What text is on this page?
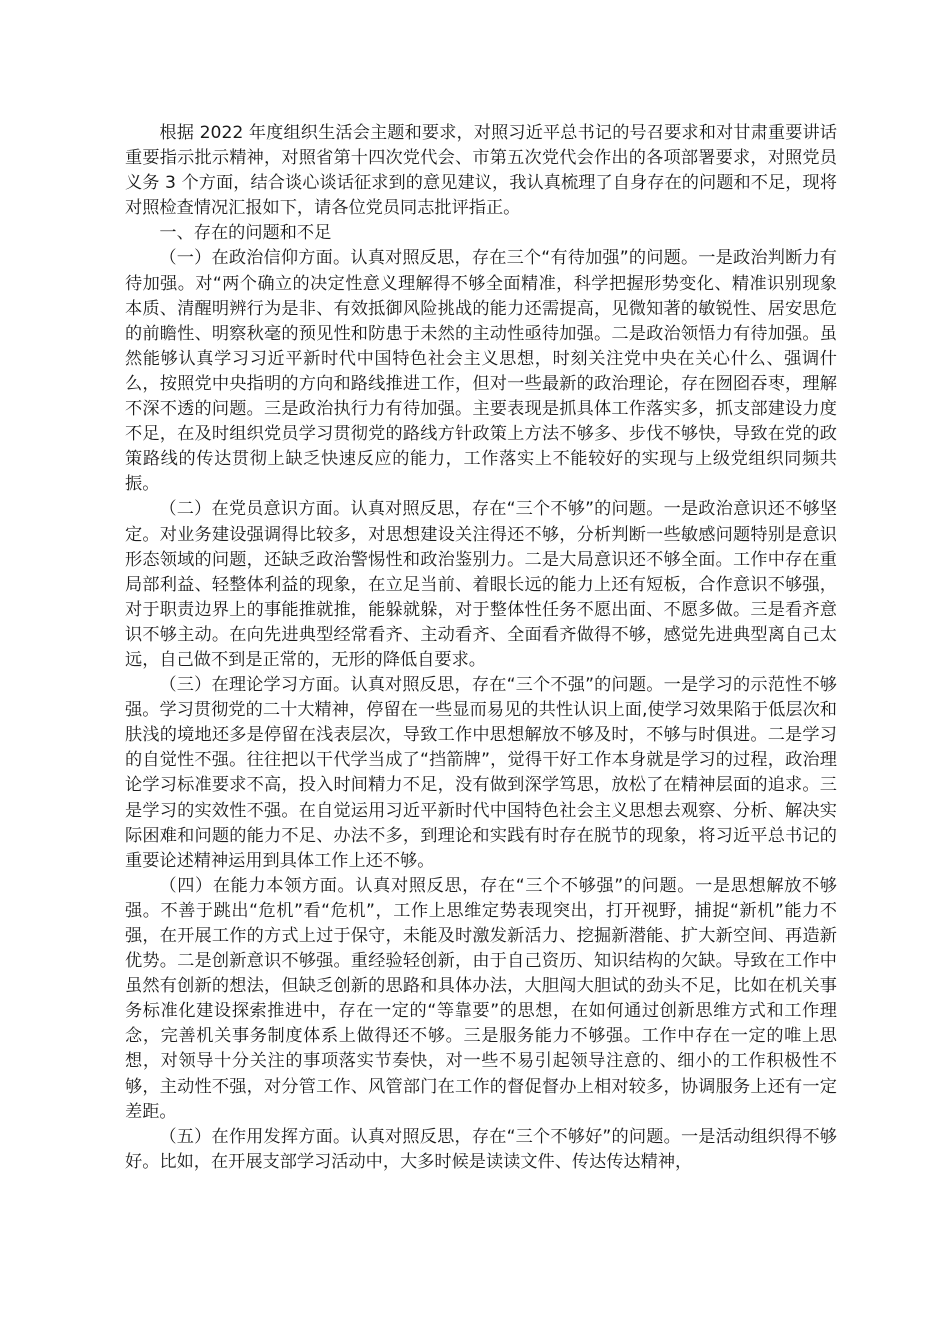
根据 2022 年度组织生活会主题和要求，对照习近平总书记的号召要求和对甘肃重要讲话重要指示批示精神，对照省第十四次党代会、市第五次党代会作出的各项部署要求，对照党员义务 3 个方面，结合谈心谈话征求到的意见建议，我认真梳理了自身存在的问题和不足，现将对照检查情况汇报如下，请各位党员同志批评指正。

一、存在的问题和不足

（一）在政治信仰方面。认真对照反思，存在三个“有待加强”的问题。一是政治判断力有待加强。对“两个确立的决定性意义理解得不够全面精准，科学把握形势变化、精准识别现象本质、清醒明辨行为是非、有效抵御风险挑战的能力还需提高，见微知著的敏锐性、居安思危的前瞻性、明察秋毫的预见性和防患于未然的主动性亟待加强。二是政治领悟力有待加强。虽然能够认真学习习近平新时代中国特色社会主义思想，时刻关注党中央在关心什么、强调什么，按照党中央指明的方向和路线推进工作，但对一些最新的政治理论，存在囫囵吞枣，理解不深不透的问题。三是政治执行力有待加强。主要表现是抓具体工作落实多，抓支部建设力度不足，在及时组织党员学习贯彻党的路线方针政策上方法不够多、步伐不够快，导致在党的政策路线的传达贯彻上缺乏快速反应的能力，工作落实上不能较好的实现与上级党组织同频共振。

（二）在党员意识方面。认真对照反思，存在“三个不够”的问题。一是政治意识还不够坚定。对业务建设强调得比较多，对思想建设关注得还不够，分析判断一些敏感问题特别是意识形态领域的问题，还缺乏政治警惕性和政治鉴别力。二是大局意识还不够全面。工作中存在重局部利益、轻整体利益的现象，在立足当前、着眼长远的能力上还有短板，合作意识不够强，对于职责边界上的事能推就推，能躲就躲，对于整体性任务不愿出面、不愿多做。三是看齐意识不够主动。在向先进典型经常看齐、主动看齐、全面看齐做得不够，感觉先进典型离自己太远，自己做不到是正常的，无形的降低自要求。

（三）在理论学习方面。认真对照反思，存在“三个不强”的问题。一是学习的示范性不够强。学习贯彻党的二十大精神，停留在一些显而易见的共性认识上面,使学习效果陷于低层次和肤浅的境地还多是停留在浅表层次，导致工作中思想解放不够及时，不够与时俱进。二是学习的自觉性不强。往往把以干代学当成了“挡箭牌”，觉得干好工作本身就是学习的过程，政治理论学习标准要求不高，投入时间精力不足，没有做到深学笃思，放松了在精神层面的追求。三是学习的实效性不强。在自觉运用习近平新时代中国特色社会主义思想去观察、分析、解决实际困难和问题的能力不足、办法不多，到理论和实践有时存在脱节的现象，将习近平总书记的重要论述精神运用到具体工作上还不够。

（四）在能力本领方面。认真对照反思，存在“三个不够强”的问题。一是思想解放不够强。不善于跳出“危机”看“危机”，工作上思维定势表现突出，打开视野，捕捉“新机”能力不强，在开展工作的方式上过于保守，未能及时激发新活力、挖掘新潜能、扩大新空间、再造新优势。二是创新意识不够强。重经验轻创新，由于自己资历、知识结构的欠缺。导致在工作中虽然有创新的想法，但缺乏创新的思路和具体办法，大胆闯大胆试的劲头不足，比如在机关事务标准化建设探索推进中，存在一定的“等靠要”的思想，在如何通过创新思维方式和工作理念，完善机关事务制度体系上做得还不够。三是服务能力不够强。工作中存在一定的唯上思想，对领导十分关注的事项落实节奏快，对一些不易引起领导注意的、细小的工作积极性不够，主动性不强，对分管工作、风管部门在工作的督促督办上相对较多，协调服务上还有一定差距。

（五）在作用发挥方面。认真对照反思，存在“三个不够好”的问题。一是活动组织得不够好。比如，在开展支部学习活动中，大多时候是读读文件、传达传达精神，
